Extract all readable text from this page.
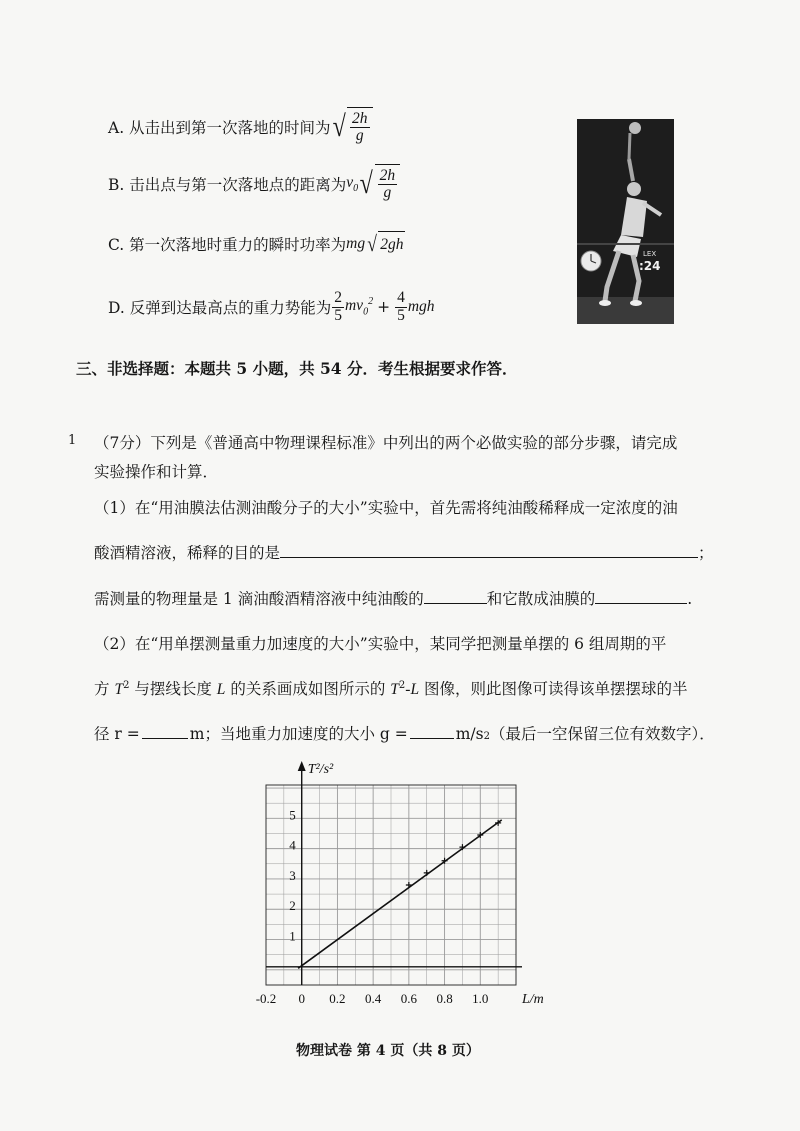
A. 从击出到第一次落地的时间为 √ $\frac{2h}{g}$
B. 击出点与第一次落地点的距离为 $v_0$ √ $\frac{2h}{g}$
C. 第一次落地时重力的瞬时功率为 mg √ 2gh
D. 反弹到达最高点的重力势能为 $\frac{2}{5} mv_0^2 + \frac{4}{5}$ mgh
LEX
:24
三、非选择题：本题共 5 小题，共 54 分．考生根据要求作答．
1 （7分）下列是《普通高中物理课程标准》中列出的两个必做实验的部分步骤，请完成
实验操作和计算．
（1）在“用油膜法估测油酸分子的大小”实验中，首先需将纯油酸稀释成一定浓度的油
酸酒精溶液，稀释的目的是	；
需测量的物理量是 1 滴油酸酒精溶液中纯油酸的	和它散成油膜的	.
（2）在“用单摆测量重力加速度的大小”实验中，某同学把测量单摆的 6 组周期的平
方 $T^2$ 与摆线长度 L 的关系画成如图所示的 $T^2-L$ 图像，则此图像可读得该单摆摆球的半
径 r =	m；当地重力加速度的大小 g =	m/s 2 （最后一空保留三位有效数字）．
-0.2 0 0.2 0.4 0.6 0.8 1.0
1
2
3
4
5
T²/s²
L/m
物理试卷 第 4 页（共 8 页）
